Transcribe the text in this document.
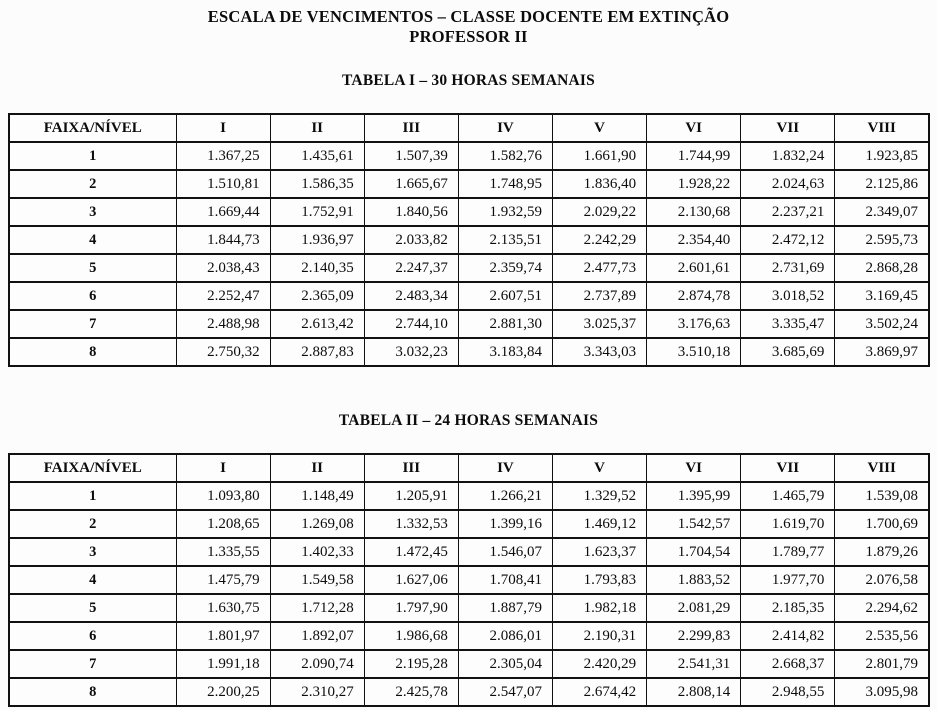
ESCALA DE VENCIMENTOS – CLASSE DOCENTE EM EXTINÇÃO
PROFESSOR II
TABELA I – 30 HORAS SEMANAIS
FAIXA/NÍVEL	I	II	III	IV	V	VI	VII	VIII
1	1.367,25	1.435,61	1.507,39	1.582,76	1.661,90	1.744,99	1.832,24	1.923,85
2	1.510,81	1.586,35	1.665,67	1.748,95	1.836,40	1.928,22	2.024,63	2.125,86
3	1.669,44	1.752,91	1.840,56	1.932,59	2.029,22	2.130,68	2.237,21	2.349,07
4	1.844,73	1.936,97	2.033,82	2.135,51	2.242,29	2.354,40	2.472,12	2.595,73
5	2.038,43	2.140,35	2.247,37	2.359,74	2.477,73	2.601,61	2.731,69	2.868,28
6	2.252,47	2.365,09	2.483,34	2.607,51	2.737,89	2.874,78	3.018,52	3.169,45
7	2.488,98	2.613,42	2.744,10	2.881,30	3.025,37	3.176,63	3.335,47	3.502,24
8	2.750,32	2.887,83	3.032,23	3.183,84	3.343,03	3.510,18	3.685,69	3.869,97
TABELA II – 24 HORAS SEMANAIS
FAIXA/NÍVEL	I	II	III	IV	V	VI	VII	VIII
1	1.093,80	1.148,49	1.205,91	1.266,21	1.329,52	1.395,99	1.465,79	1.539,08
2	1.208,65	1.269,08	1.332,53	1.399,16	1.469,12	1.542,57	1.619,70	1.700,69
3	1.335,55	1.402,33	1.472,45	1.546,07	1.623,37	1.704,54	1.789,77	1.879,26
4	1.475,79	1.549,58	1.627,06	1.708,41	1.793,83	1.883,52	1.977,70	2.076,58
5	1.630,75	1.712,28	1.797,90	1.887,79	1.982,18	2.081,29	2.185,35	2.294,62
6	1.801,97	1.892,07	1.986,68	2.086,01	2.190,31	2.299,83	2.414,82	2.535,56
7	1.991,18	2.090,74	2.195,28	2.305,04	2.420,29	2.541,31	2.668,37	2.801,79
8	2.200,25	2.310,27	2.425,78	2.547,07	2.674,42	2.808,14	2.948,55	3.095,98
